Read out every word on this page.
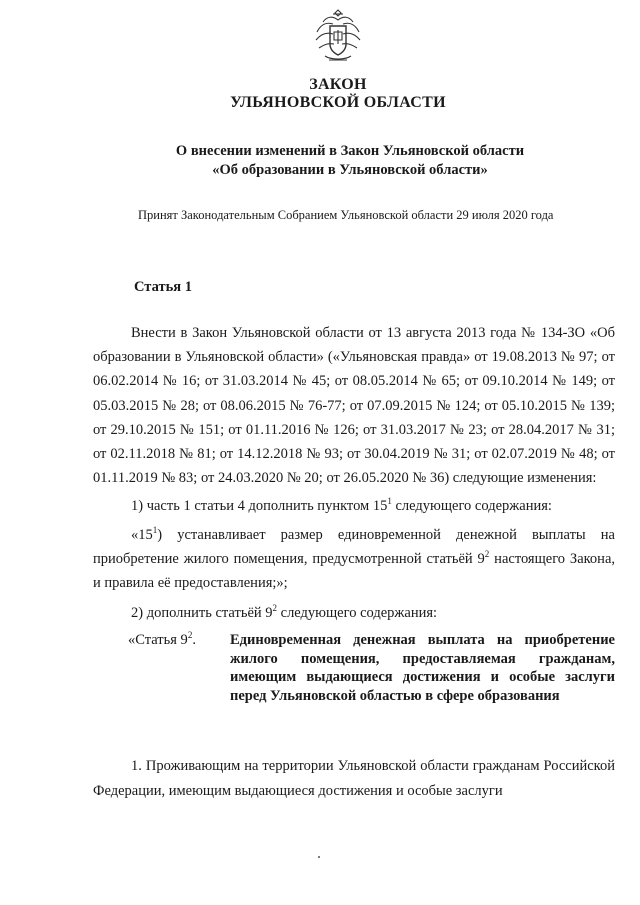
ЗАКОН
УЛЬЯНОВСКОЙ ОБЛАСТИ
О внесении изменений в Закон Ульяновской области
«Об образовании в Ульяновской области»
Принят Законодательным Собранием Ульяновской области 29 июля 2020 года
Статья 1

Внести в Закон Ульяновской области от 13 августа 2013 года № 134-ЗО «Об образовании в Ульяновской области» («Ульяновская правда» от 19.08.2013 № 97; от 06.02.2014 № 16; от 31.03.2014 № 45; от 08.05.2014 № 65; от 09.10.2014 № 149; от 05.03.2015 № 28; от 08.06.2015 № 76-77; от 07.09.2015 № 124; от 05.10.2015 № 139; от 29.10.2015 № 151; от 01.11.2016 № 126; от 31.03.2017 № 23; от 28.04.2017 № 31; от 02.11.2018 № 81; от 14.12.2018 № 93; от 30.04.2019 № 31; от 02.07.2019 № 48; от 01.11.2019 № 83; от 24.03.2020 № 20; от 26.05.2020 № 36) следующие изменения:

1) часть 1 статьи 4 дополнить пунктом $15^1$ следующего содержания:

«$15^1$) устанавливает размер единовременной денежной выплаты на приобретение жилого помещения, предусмотренной статьёй $9^2$ настоящего Закона, и правила её предоставления;»;

2) дополнить статьёй $9^2$ следующего содержания:

«Статья $9^2$. Единовременная денежная выплата на приобретение жилого помещения, предоставляемая гражданам, имеющим выдающиеся достижения и особые заслуги перед Ульяновской областью в сфере образования

1. Проживающим на территории Ульяновской области гражданам Российской Федерации, имеющим выдающиеся достижения и особые заслуги
